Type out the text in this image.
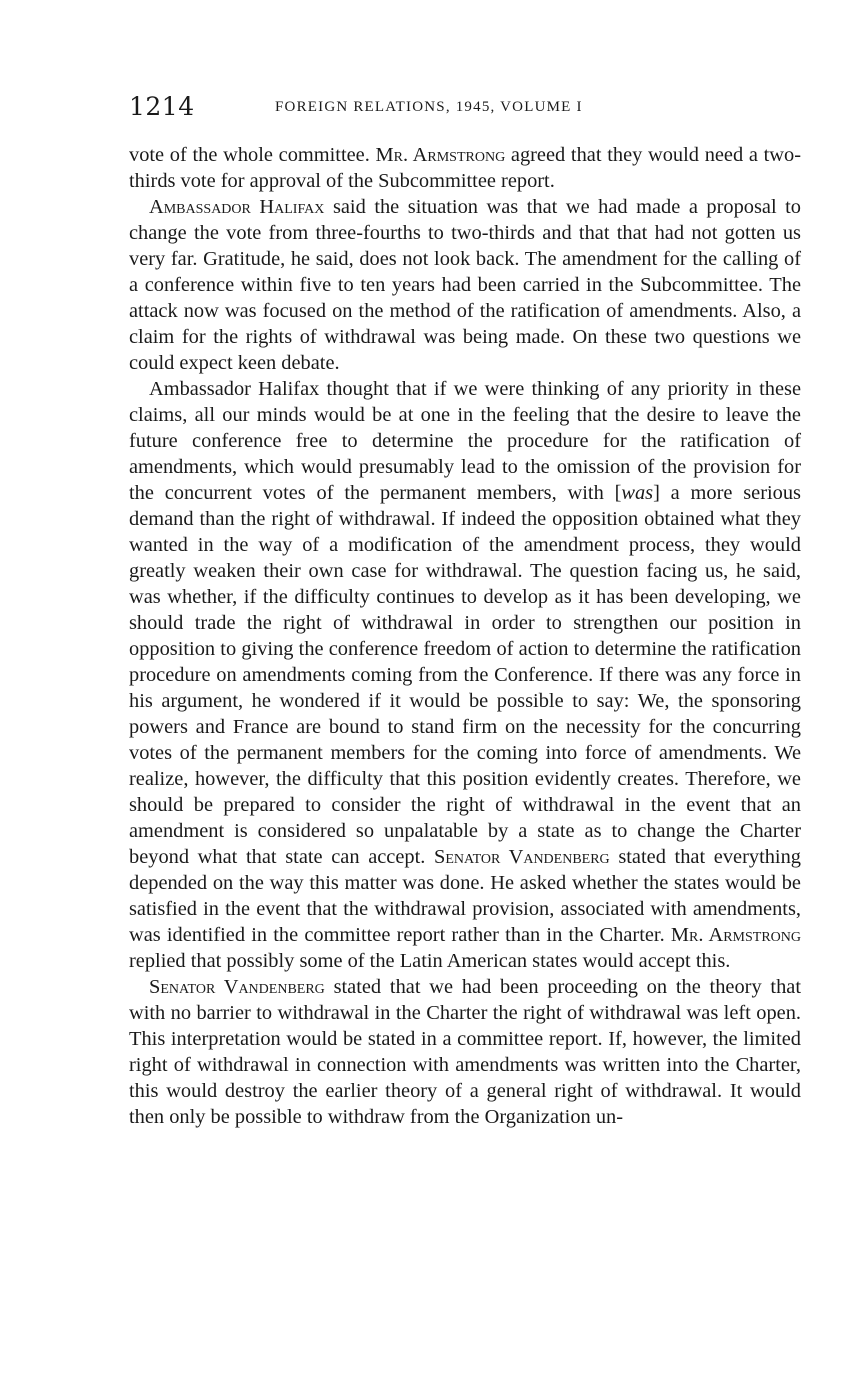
1214	FOREIGN RELATIONS, 1945, VOLUME I

vote of the whole committee. Mr. Armstrong agreed that they would need a two-thirds vote for approval of the Subcommittee report.

Ambassador Halifax said the situation was that we had made a proposal to change the vote from three-fourths to two-thirds and that that had not gotten us very far. Gratitude, he said, does not look back. The amendment for the calling of a conference within five to ten years had been carried in the Subcommittee. The attack now was focused on the method of the ratification of amendments. Also, a claim for the rights of withdrawal was being made. On these two questions we could expect keen debate.

Ambassador Halifax thought that if we were thinking of any priority in these claims, all our minds would be at one in the feeling that the desire to leave the future conference free to determine the procedure for the ratification of amendments, which would presumably lead to the omission of the provision for the concurrent votes of the permanent members, with [was] a more serious demand than the right of withdrawal. If indeed the opposition obtained what they wanted in the way of a modification of the amendment process, they would greatly weaken their own case for withdrawal. The question facing us, he said, was whether, if the difficulty continues to develop as it has been developing, we should trade the right of withdrawal in order to strengthen our position in opposition to giving the conference freedom of action to determine the ratification procedure on amendments coming from the Conference. If there was any force in his argument, he wondered if it would be possible to say: We, the sponsoring powers and France are bound to stand firm on the necessity for the concurring votes of the permanent members for the coming into force of amendments. We realize, however, the difficulty that this position evidently creates. Therefore, we should be prepared to consider the right of withdrawal in the event that an amendment is considered so unpalatable by a state as to change the Charter beyond what that state can accept. Senator Vandenberg stated that everything depended on the way this matter was done. He asked whether the states would be satisfied in the event that the withdrawal provision, associated with amendments, was identified in the committee report rather than in the Charter. Mr. Armstrong replied that possibly some of the Latin American states would accept this.

Senator Vandenberg stated that we had been proceeding on the theory that with no barrier to withdrawal in the Charter the right of withdrawal was left open. This interpretation would be stated in a committee report. If, however, the limited right of withdrawal in connection with amendments was written into the Charter, this would destroy the earlier theory of a general right of withdrawal. It would then only be possible to withdraw from the Organization un-
